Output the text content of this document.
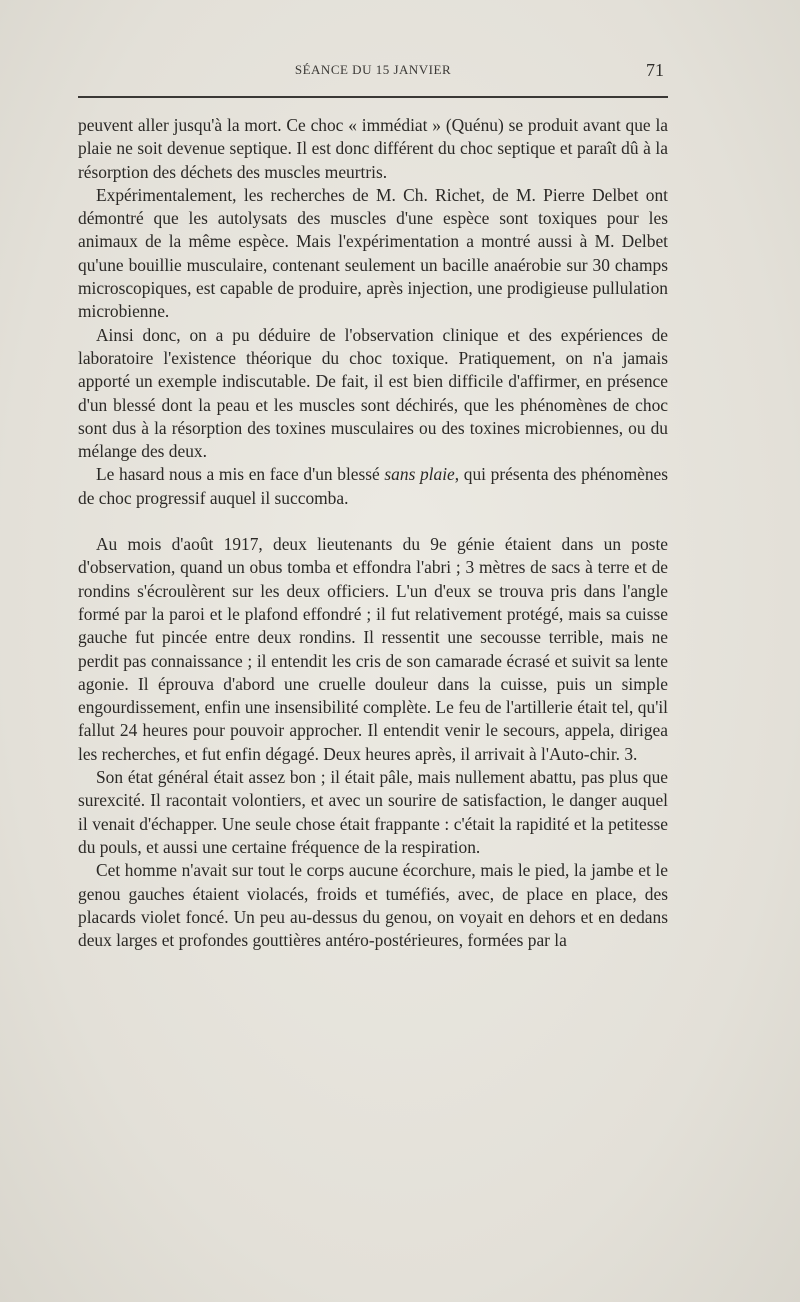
SÉANCE DU 15 JANVIER	71

peuvent aller jusqu'à la mort. Ce choc « immédiat » (Quénu) se produit avant que la plaie ne soit devenue septique. Il est donc différent du choc septique et paraît dû à la résorption des déchets des muscles meurtris.

Expérimentalement, les recherches de M. Ch. Richet, de M. Pierre Delbet ont démontré que les autolysats des muscles d'une espèce sont toxiques pour les animaux de la même espèce. Mais l'expérimentation a montré aussi à M. Delbet qu'une bouillie musculaire, contenant seulement un bacille anaérobie sur 30 champs microscopiques, est capable de produire, après injection, une prodigieuse pullulation microbienne.

Ainsi donc, on a pu déduire de l'observation clinique et des expériences de laboratoire l'existence théorique du choc toxique. Pratiquement, on n'a jamais apporté un exemple indiscutable. De fait, il est bien difficile d'affirmer, en présence d'un blessé dont la peau et les muscles sont déchirés, que les phénomènes de choc sont dus à la résorption des toxines musculaires ou des toxines microbiennes, ou du mélange des deux.

Le hasard nous a mis en face d'un blessé sans plaie, qui présenta des phénomènes de choc progressif auquel il succomba.

Au mois d'août 1917, deux lieutenants du 9e génie étaient dans un poste d'observation, quand un obus tomba et effondra l'abri ; 3 mètres de sacs à terre et de rondins s'écroulèrent sur les deux officiers. L'un d'eux se trouva pris dans l'angle formé par la paroi et le plafond effondré ; il fut relativement protégé, mais sa cuisse gauche fut pincée entre deux rondins. Il ressentit une secousse terrible, mais ne perdit pas connaissance ; il entendit les cris de son camarade écrasé et suivit sa lente agonie. Il éprouva d'abord une cruelle douleur dans la cuisse, puis un simple engourdissement, enfin une insensibilité complète. Le feu de l'artillerie était tel, qu'il fallut 24 heures pour pouvoir approcher. Il entendit venir le secours, appela, dirigea les recherches, et fut enfin dégagé. Deux heures après, il arrivait à l'Auto-chir. 3.

Son état général était assez bon ; il était pâle, mais nullement abattu, pas plus que surexcité. Il racontait volontiers, et avec un sourire de satisfaction, le danger auquel il venait d'échapper. Une seule chose était frappante : c'était la rapidité et la petitesse du pouls, et aussi une certaine fréquence de la respiration.

Cet homme n'avait sur tout le corps aucune écorchure, mais le pied, la jambe et le genou gauches étaient violacés, froids et tuméfiés, avec, de place en place, des placards violet foncé. Un peu au-dessus du genou, on voyait en dehors et en dedans deux larges et profondes gouttières antéro-postérieures, formées par la
